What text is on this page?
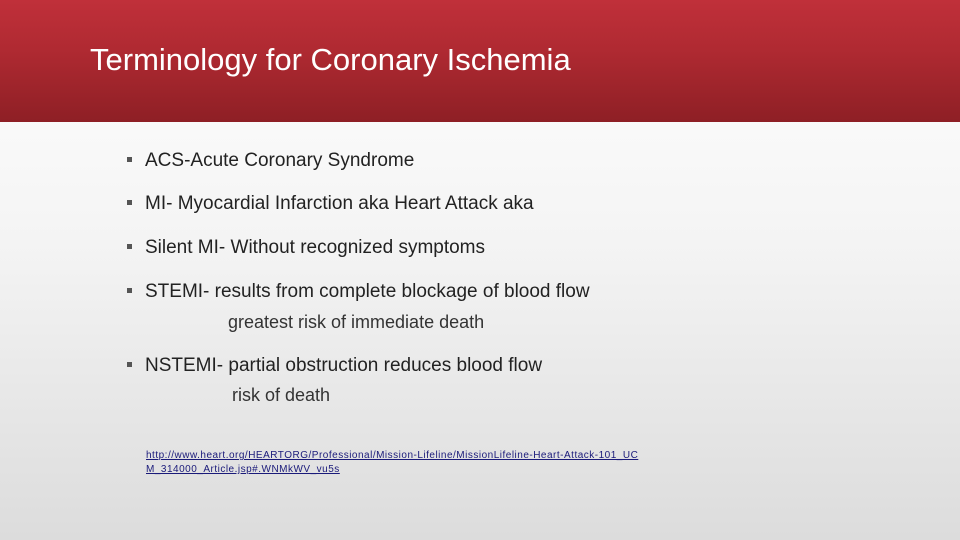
Terminology for Coronary Ischemia
ACS-Acute Coronary Syndrome
MI- Myocardial Infarction aka Heart Attack aka
Silent MI- Without recognized symptoms
STEMI- results from complete blockage of blood flow
greatest risk of immediate death
NSTEMI- partial obstruction reduces blood flow
risk of death
http://www.heart.org/HEARTORG/Professional/Mission-Lifeline/MissionLifeline-Heart-Attack-101_UCM_314000_Article.jsp#.WNMkWV_vu5s
